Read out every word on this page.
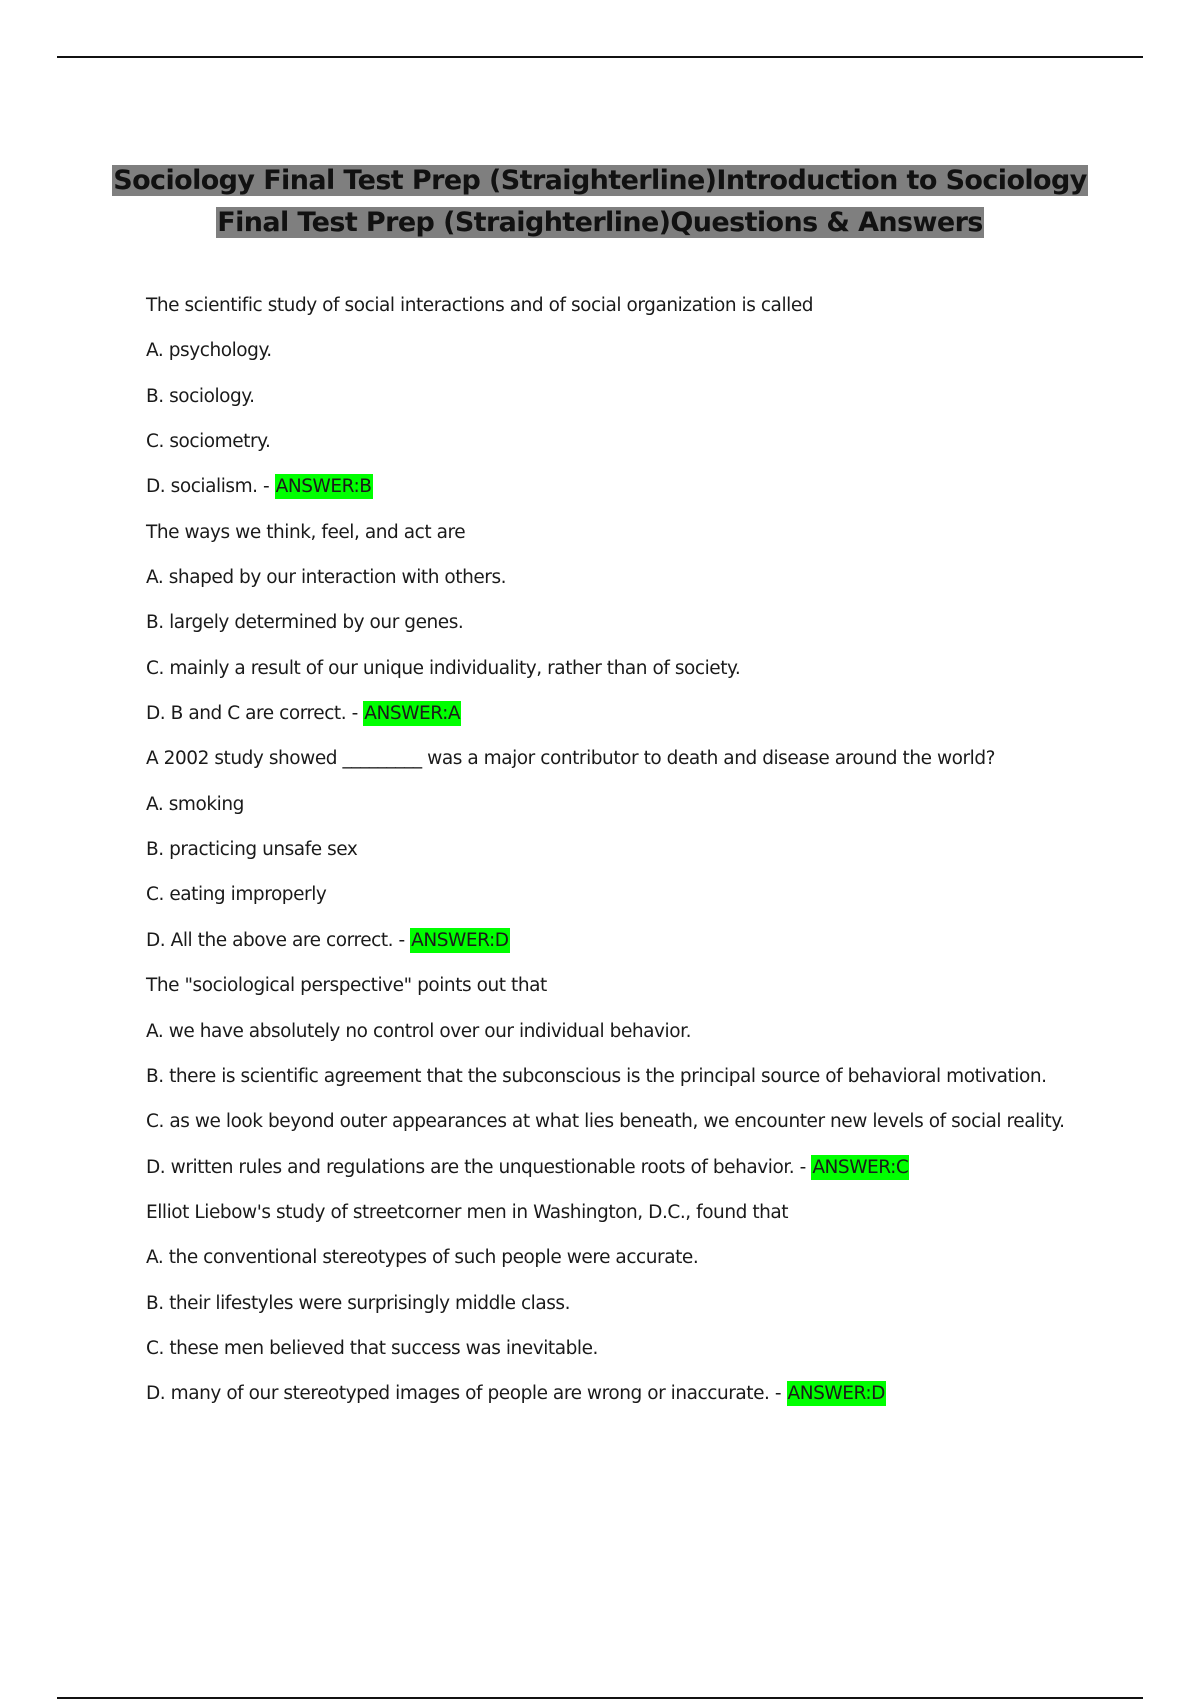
Sociology Final Test Prep (Straighterline)Introduction to Sociology
Final Test Prep (Straighterline)Questions & Answers
The scientific study of social interactions and of social organization is called
A. psychology.
B. sociology.
C. sociometry.
D. socialism. - ANSWER:B
The ways we think, feel, and act are
A. shaped by our interaction with others.
B. largely determined by our genes.
C. mainly a result of our unique individuality, rather than of society.
D. B and C are correct. - ANSWER:A
A 2002 study showed _________ was a major contributor to death and disease around the world?
A. smoking
B. practicing unsafe sex
C. eating improperly
D. All the above are correct. - ANSWER:D
The "sociological perspective" points out that
A. we have absolutely no control over our individual behavior.
B. there is scientific agreement that the subconscious is the principal source of behavioral motivation.
C. as we look beyond outer appearances at what lies beneath, we encounter new levels of social reality.
D. written rules and regulations are the unquestionable roots of behavior. - ANSWER:C
Elliot Liebow's study of streetcorner men in Washington, D.C., found that
A. the conventional stereotypes of such people were accurate.
B. their lifestyles were surprisingly middle class.
C. these men believed that success was inevitable.
D. many of our stereotyped images of people are wrong or inaccurate. - ANSWER:D
